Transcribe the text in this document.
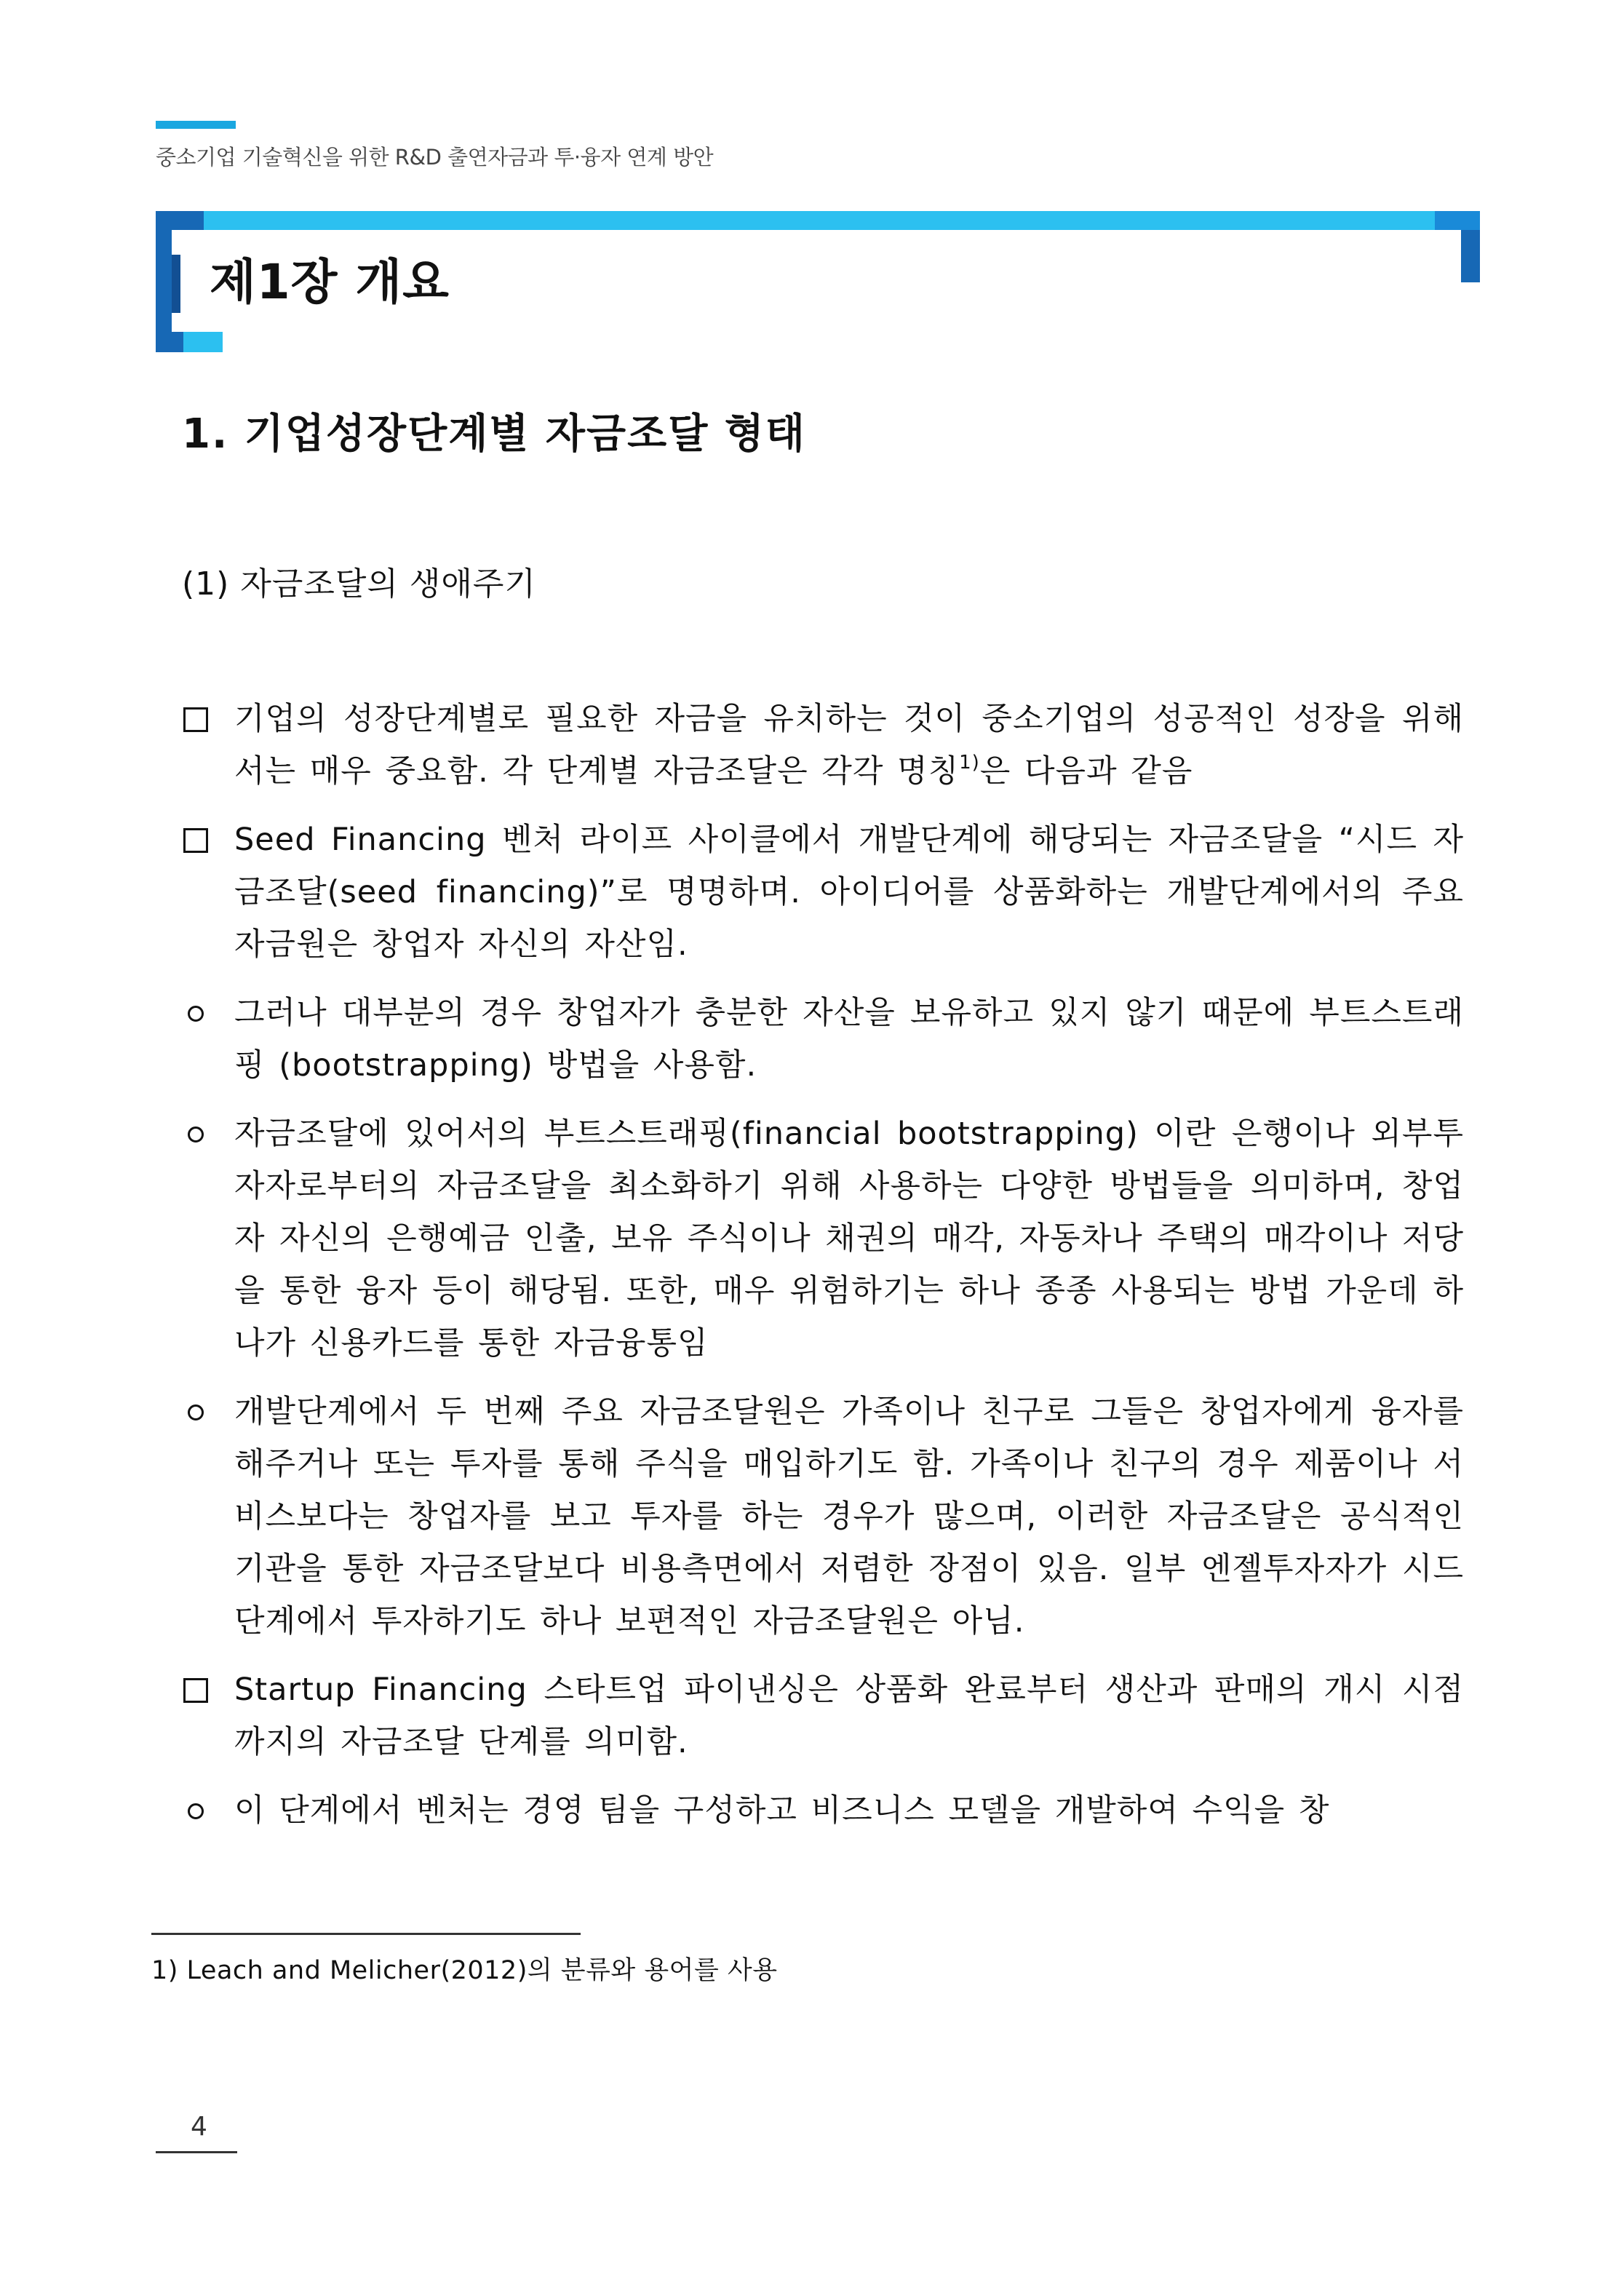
중소기업 기술혁신을 위한 R&D 출연자금과 투·융자 연계 방안
제1장 개요
1. 기업성장단계별 자금조달 형태
(1) 자금조달의 생애주기
기업의 성장단계별로 필요한 자금을 유치하는 것이 중소기업의 성공적인 성장을 위해서는 매우 중요함. 각 단계별 자금조달은 각각 명칭$^{1)}$은 다음과 같음
Seed Financing 벤처 라이프 사이클에서 개발단계에 해당되는 자금조달을 “시드 자금조달(seed financing)”로 명명하며. 아이디어를 상품화하는 개발단계에서의 주요 자금원은 창업자 자신의 자산임.
그러나 대부분의 경우 창업자가 충분한 자산을 보유하고 있지 않기 때문에 부트스트래핑 (bootstrapping) 방법을 사용함.
자금조달에 있어서의 부트스트래핑(financial bootstrapping) 이란 은행이나 외부투자자로부터의 자금조달을 최소화하기 위해 사용하는 다양한 방법들을 의미하며, 창업자 자신의 은행예금 인출, 보유 주식이나 채권의 매각, 자동차나 주택의 매각이나 저당을 통한 융자 등이 해당됨. 또한, 매우 위험하기는 하나 종종 사용되는 방법 가운데 하나가 신용카드를 통한 자금융통임
개발단계에서 두 번째 주요 자금조달원은 가족이나 친구로 그들은 창업자에게 융자를 해주거나 또는 투자를 통해 주식을 매입하기도 함. 가족이나 친구의 경우 제품이나 서비스보다는 창업자를 보고 투자를 하는 경우가 많으며, 이러한 자금조달은 공식적인 기관을 통한 자금조달보다 비용측면에서 저렴한 장점이 있음. 일부 엔젤투자자가 시드단계에서 투자하기도 하나 보편적인 자금조달원은 아님.
Startup Financing 스타트업 파이낸싱은 상품화 완료부터 생산과 판매의 개시 시점까지의 자금조달 단계를 의미함.
이 단계에서 벤처는 경영 팀을 구성하고 비즈니스 모델을 개발하여 수익을 창
1) Leach and Melicher(2012)의 분류와 용어를 사용
4
